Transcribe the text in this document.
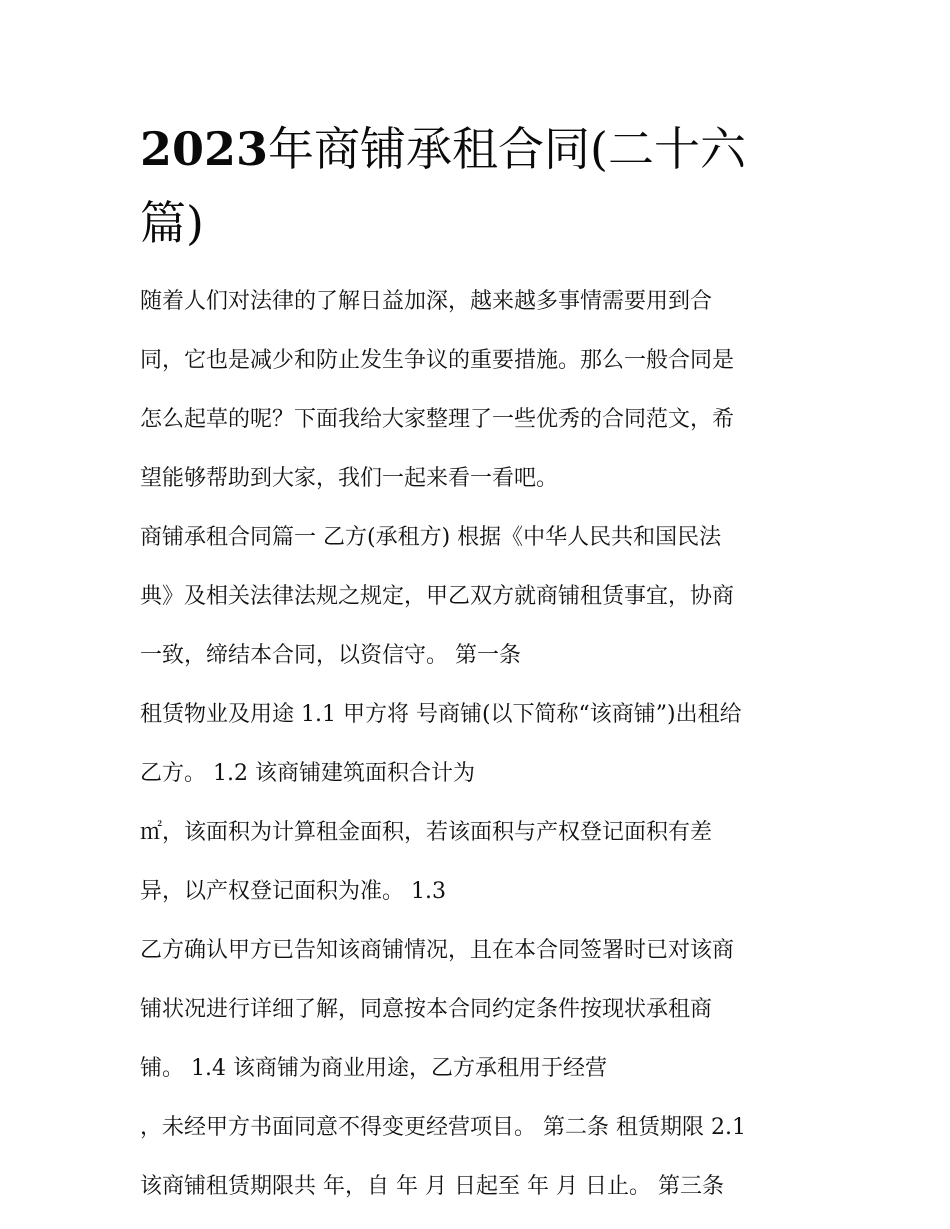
2023年商铺承租合同(二十六
篇)
随着人们对法律的了解日益加深，越来越多事情需要用到合
同，它也是减少和防止发生争议的重要措施。那么一般合同是
怎么起草的呢？下面我给大家整理了一些优秀的合同范文，希
望能够帮助到大家，我们一起来看一看吧。
商铺承租合同篇一 乙方(承租方) 根据《中华人民共和国民法
典》及相关法律法规之规定，甲乙双方就商铺租赁事宜，协商
一致，缔结本合同，以资信守。 第一条
租赁物业及用途 1.1 甲方将 号商铺(以下简称“该商铺”)出租给
乙方。 1.2 该商铺建筑面积合计为
㎡，该面积为计算租金面积，若该面积与产权登记面积有差
异，以产权登记面积为准。 1.3
乙方确认甲方已告知该商铺情况，且在本合同签署时已对该商
铺状况进行详细了解，同意按本合同约定条件按现状承租商
铺。 1.4 该商铺为商业用途，乙方承租用于经营
，未经甲方书面同意不得变更经营项目。 第二条 租赁期限 2.1
该商铺租赁期限共 年，自 年 月 日起至 年 月 日止。 第三条
